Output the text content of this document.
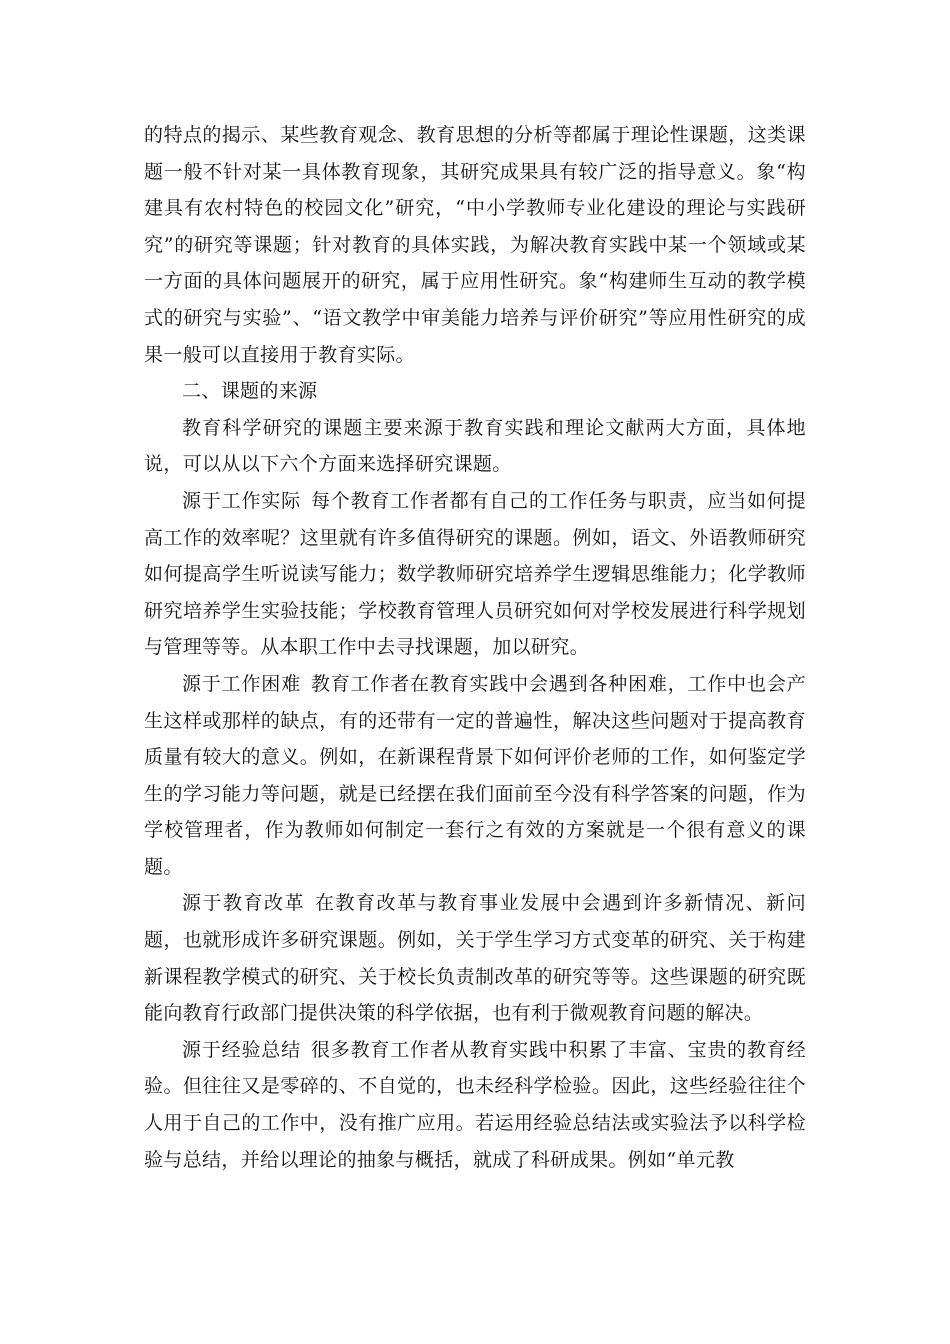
的特点的揭示、某些教育观念、教育思想的分析等都属于理论性课题，这类课题一般不针对某一具体教育现象，其研究成果具有较广泛的指导意义。象“构建具有农村特色的校园文化”研究，“中小学教师专业化建设的理论与实践研究”的研究等课题；针对教育的具体实践，为解决教育实践中某一个领域或某一方面的具体问题展开的研究，属于应用性研究。象“构建师生互动的教学模式的研究与实验”、“语文教学中审美能力培养与评价研究”等应用性研究的成果一般可以直接用于教育实际。

二、课题的来源

教育科学研究的课题主要来源于教育实践和理论文献两大方面，具体地说，可以从以下六个方面来选择研究课题。

源于工作实际 每个教育工作者都有自己的工作任务与职责，应当如何提高工作的效率呢？这里就有许多值得研究的课题。例如，语文、外语教师研究如何提高学生听说读写能力；数学教师研究培养学生逻辑思维能力；化学教师研究培养学生实验技能；学校教育管理人员研究如何对学校发展进行科学规划与管理等等。从本职工作中去寻找课题，加以研究。

源于工作困难 教育工作者在教育实践中会遇到各种困难，工作中也会产生这样或那样的缺点，有的还带有一定的普遍性，解决这些问题对于提高教育质量有较大的意义。例如，在新课程背景下如何评价老师的工作，如何鉴定学生的学习能力等问题，就是已经摆在我们面前至今没有科学答案的问题，作为学校管理者，作为教师如何制定一套行之有效的方案就是一个很有意义的课题。

源于教育改革 在教育改革与教育事业发展中会遇到许多新情况、新问题，也就形成许多研究课题。例如，关于学生学习方式变革的研究、关于构建新课程教学模式的研究、关于校长负责制改革的研究等等。这些课题的研究既能向教育行政部门提供决策的科学依据，也有利于微观教育问题的解决。

源于经验总结 很多教育工作者从教育实践中积累了丰富、宝贵的教育经验。但往往又是零碎的、不自觉的，也未经科学检验。因此，这些经验往往个人用于自己的工作中，没有推广应用。若运用经验总结法或实验法予以科学检验与总结，并给以理论的抽象与概括，就成了科研成果。例如“单元教
